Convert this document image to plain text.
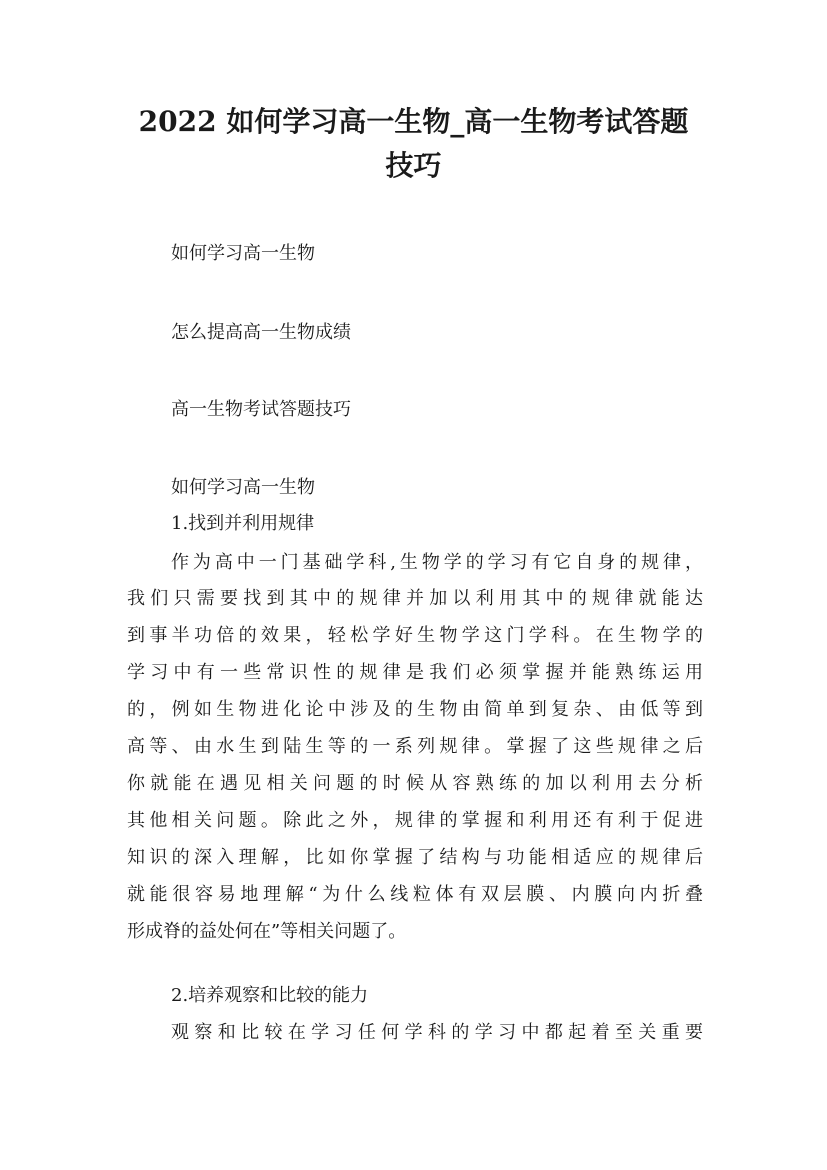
2022 如何学习高一生物_高一生物考试答题
技巧
如何学习高一生物
怎么提高高一生物成绩
高一生物考试答题技巧
如何学习高一生物
1.找到并利用规律
作为高中一门基础学科,生物学的学习有它自身的规律，
我们只需要找到其中的规律并加以利用其中的规律就能达
到事半功倍的效果，轻松学好生物学这门学科。在生物学的
学习中有一些常识性的规律是我们必须掌握并能熟练运用
的，例如生物进化论中涉及的生物由简单到复杂、由低等到
高等、由水生到陆生等的一系列规律。掌握了这些规律之后
你就能在遇见相关问题的时候从容熟练的加以利用去分析
其他相关问题。除此之外，规律的掌握和利用还有利于促进
知识的深入理解，比如你掌握了结构与功能相适应的规律后
就能很容易地理解“为什么线粒体有双层膜、内膜向内折叠
形成脊的益处何在”等相关问题了。
2.培养观察和比较的能力
观察和比较在学习任何学科的学习中都起着至关重要
